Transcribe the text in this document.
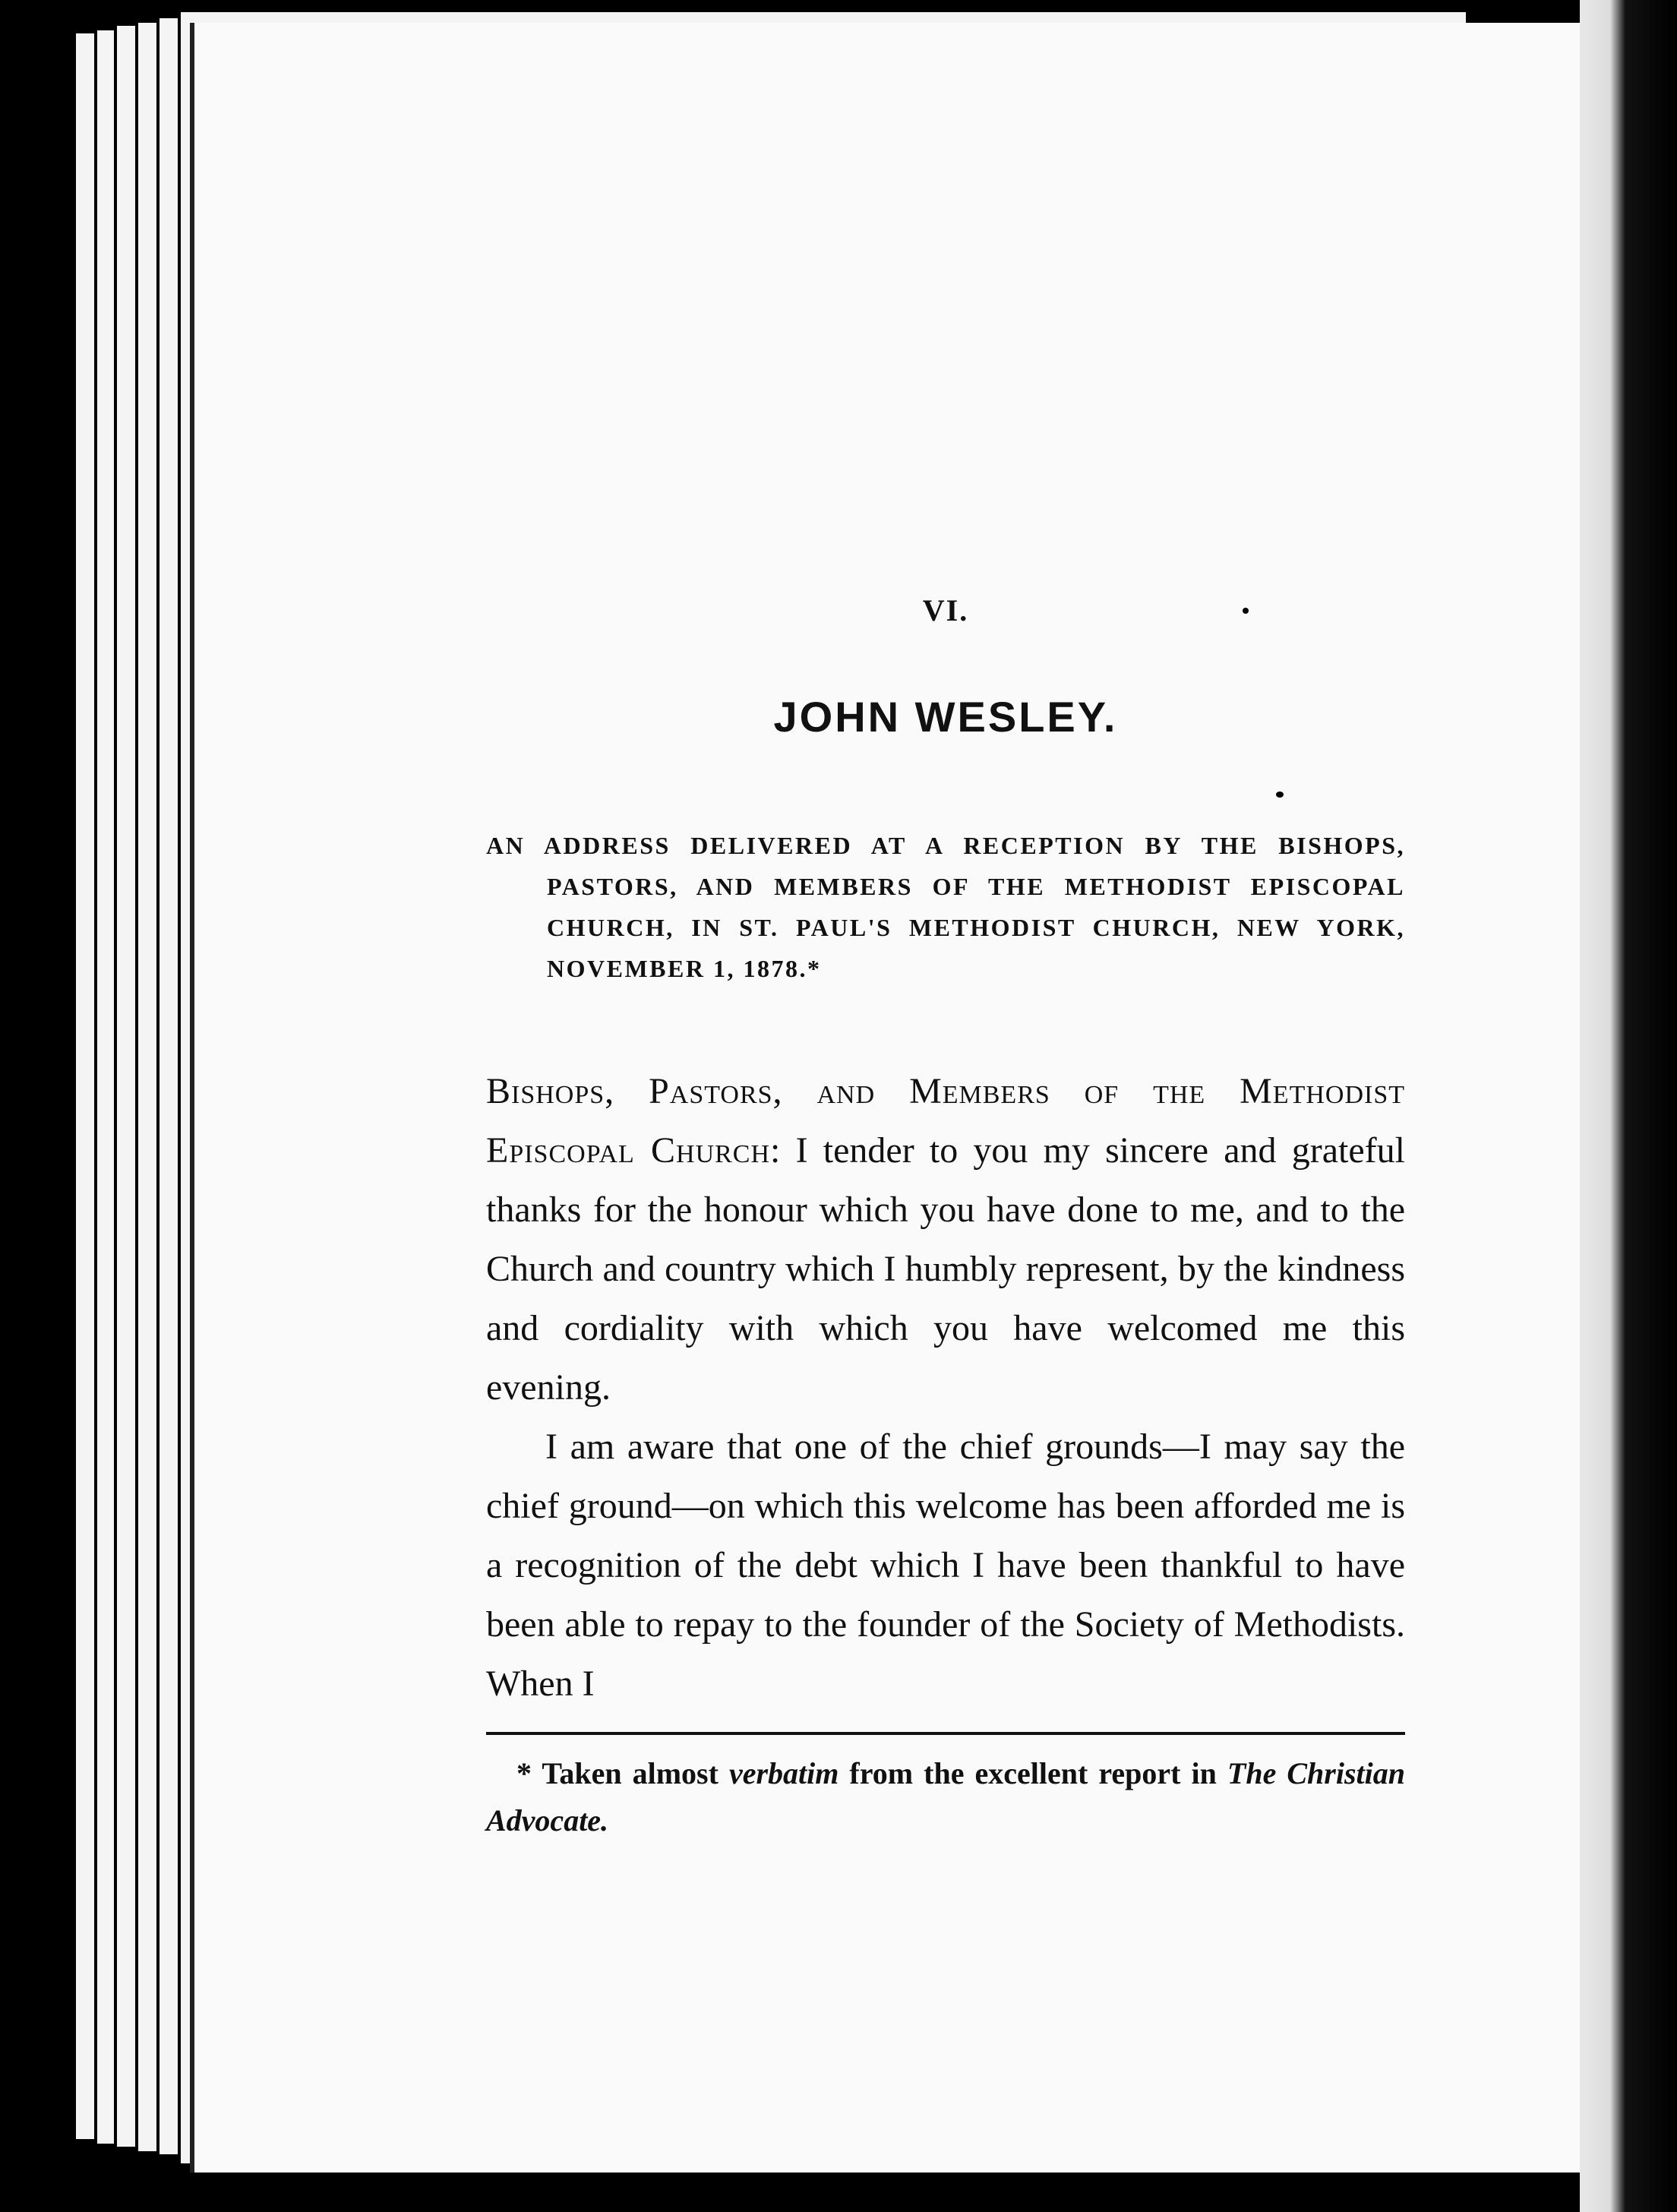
VI.

JOHN WESLEY.

AN ADDRESS DELIVERED AT A RECEPTION BY THE BISHOPS, PASTORS, AND MEMBERS OF THE METHODIST EPISCOPAL CHURCH, IN ST. PAUL'S METHODIST CHURCH, NEW YORK, NOVEMBER 1, 1878.*

Bishops, Pastors, and Members of the Methodist Episcopal Church: I tender to you my sincere and grateful thanks for the honour which you have done to me, and to the Church and country which I humbly represent, by the kindness and cordiality with which you have welcomed me this evening.

I am aware that one of the chief grounds—I may say the chief ground—on which this welcome has been afforded me is a recognition of the debt which I have been thankful to have been able to repay to the founder of the Society of Methodists. When I

* Taken almost verbatim from the excellent report in The Christian Advocate.
